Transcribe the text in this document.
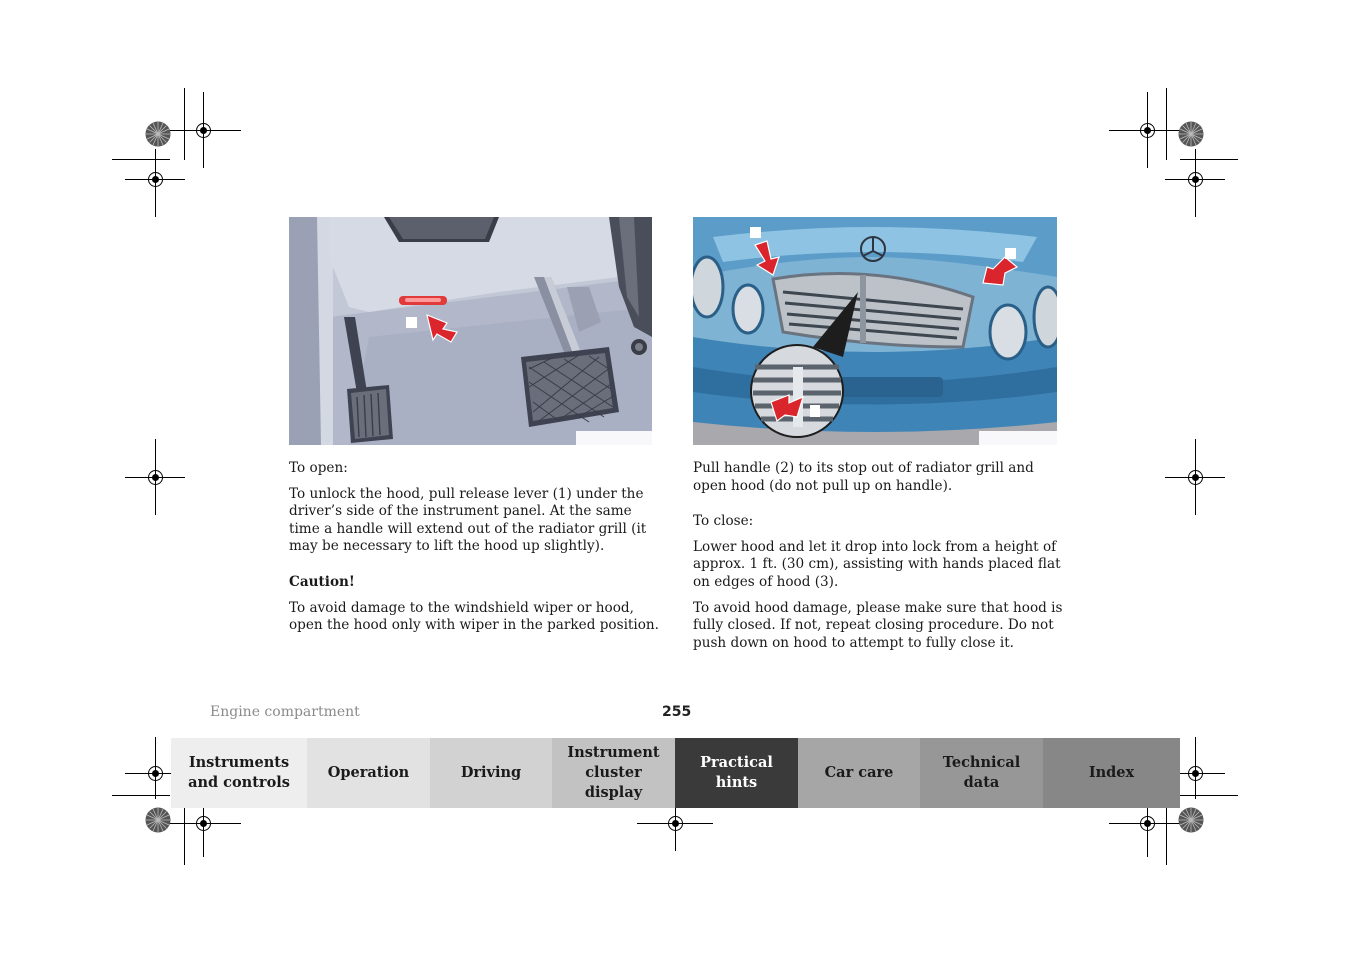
To open:

To unlock the hood, pull release lever (1) under the driver’s side of the instrument panel. At the same time a handle will extend out of the radiator grill (it may be necessary to lift the hood up slightly).

Caution!

To avoid damage to the windshield wiper or hood, open the hood only with wiper in the parked position.

Pull handle (2) to its stop out of radiator grill and open hood (do not pull up on handle).

To close:

Lower hood and let it drop into lock from a height of approx. 1 ft. (30 cm), assisting with hands placed flat on edges of hood (3).

To avoid hood damage, please make sure that hood is fully closed. If not, repeat closing procedure. Do not push down on hood to attempt to fully close it.

Engine compartment	255
Instruments
and controls
Operation	Driving
Instrument
cluster display
Practical hints
Car care
Technical
data
Index
